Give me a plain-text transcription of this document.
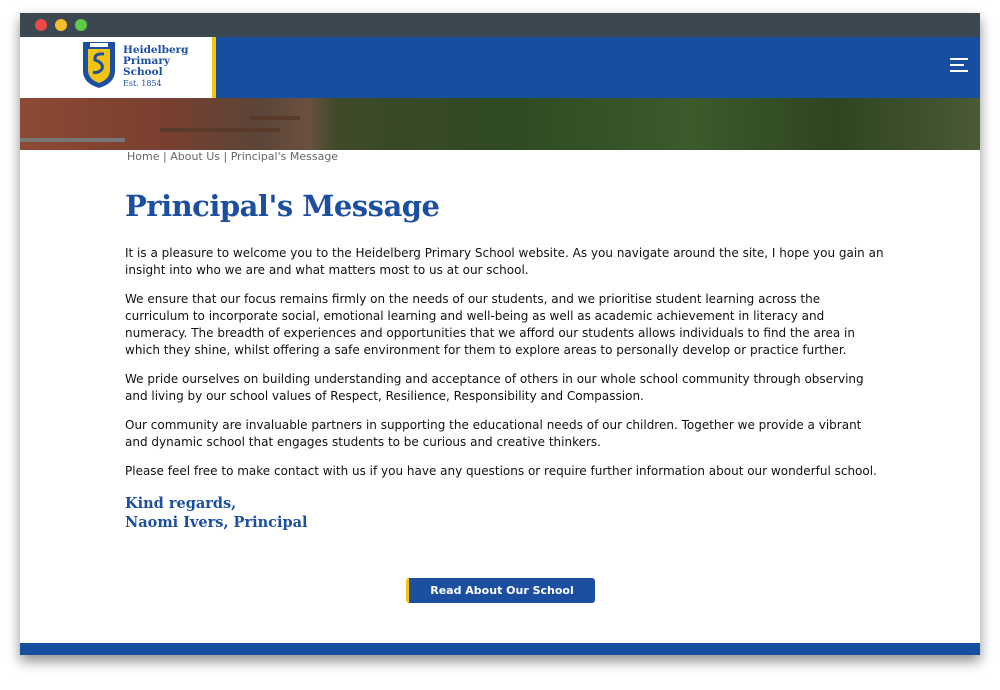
Heidelberg
Primary School
Est. 1854
Home | About Us | Principal's Message
Principal's Message

It is a pleasure to welcome you to the Heidelberg Primary School website. As you navigate around the site, I hope you gain an insight into who we are and what matters most to us at our school.

We ensure that our focus remains firmly on the needs of our students, and we prioritise student learning across the curriculum to incorporate social, emotional learning and well-being as well as academic achievement in literacy and numeracy. The breadth of experiences and opportunities that we afford our students allows individuals to find the area in which they shine, whilst offering a safe environment for them to explore areas to personally develop or practice further.

We pride ourselves on building understanding and acceptance of others in our whole school community through observing and living by our school values of Respect, Resilience, Responsibility and Compassion.

Our community are invaluable partners in supporting the educational needs of our children. Together we provide a vibrant and dynamic school that engages students to be curious and creative thinkers.

Please feel free to make contact with us if you have any questions or require further information about our wonderful school.

Kind regards,
Naomi Ivers, Principal
Read About Our School
